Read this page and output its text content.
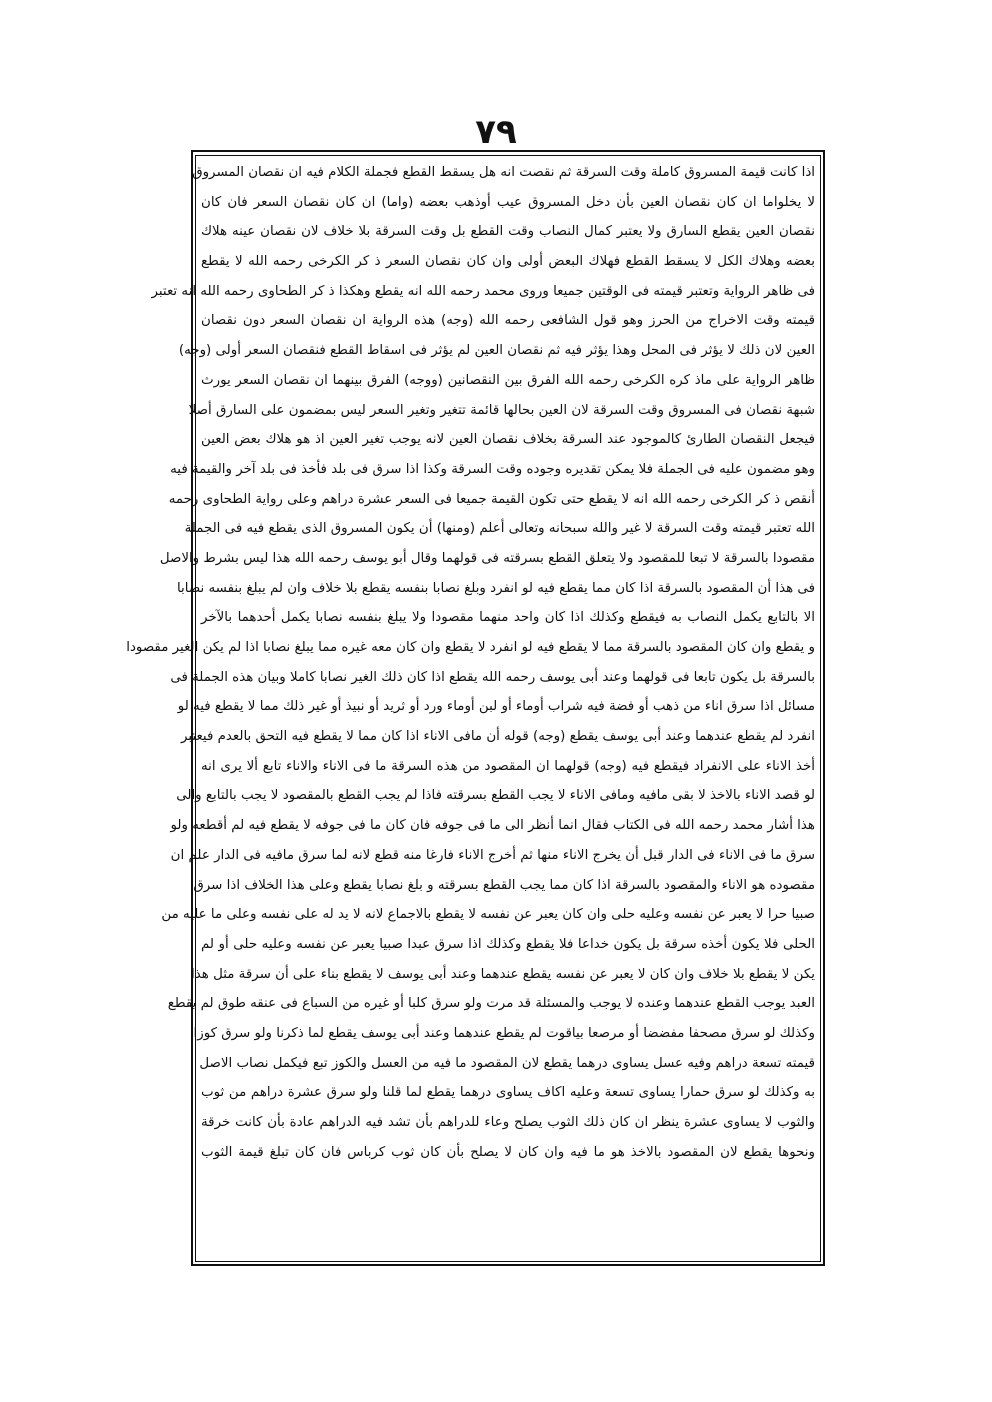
٧٩
اذا كانت قيمة المسروق كاملة وقت السرقة ثم نقصت انه هل يسقط القطع فجملة الكلام فيه ان نقصان المسروق
لا يخلواما ان كان نقصان العين بأن دخل المسروق عيب أوذهب بعضه (واما) ان كان نقصان السعر فان كان
نقصان العين يقطع السارق ولا يعتبر كمال النصاب وقت القطع بل وقت السرقة بلا خلاف لان نقصان عينه هلاك
بعضه وهلاك الكل لا يسقط القطع فهلاك البعض أولى وان كان نقصان السعر ذ كر الكرخى رحمه الله لا يقطع
فى ظاهر الرواية وتعتبر قيمته فى الوقتين جميعا وروى محمد رحمه الله انه يقطع وهكذا ذ كر الطحاوى رحمه الله انه تعتبر
قيمته وقت الاخراج من الحرز وهو قول الشافعى رحمه الله (وجه) هذه الرواية ان نقصان السعر دون نقصان
العين لان ذلك لا يؤثر فى المحل وهذا يؤثر فيه ثم نقصان العين لم يؤثر فى اسقاط القطع فنقصان السعر أولى (وجه)
ظاهر الرواية على ماذ كره الكرخى رحمه الله الفرق بين النقصانين (ووجه) الفرق بينهما ان نقصان السعر يورث
شبهة نقصان فى المسروق وقت السرقة لان العين بحالها قائمة تتغير وتغير السعر ليس بمضمون على السارق أصلا
فيجعل النقصان الطارئ كالموجود عند السرقة بخلاف نقصان العين لانه يوجب تغير العين اذ هو هلاك بعض العين
وهو مضمون عليه فى الجملة فلا يمكن تقديره وجوده وقت السرقة وكذا اذا سرق فى بلد فأخذ فى بلد آخر والقيمة فيه
أنقص ذ كر الكرخى رحمه الله انه لا يقطع حتى تكون القيمة جميعا فى السعر عشرة دراهم وعلى رواية الطحاوى رحمه
الله تعتبر قيمته وقت السرقة لا غير والله سبحانه وتعالى أعلم (ومنها) أن يكون المسروق الذى يقطع فيه فى الجملة
مقصودا بالسرقة لا تبعا للمقصود ولا يتعلق القطع بسرقته فى قولهما وقال أبو يوسف رحمه الله هذا ليس بشرط والاصل
فى هذا أن المقصود بالسرقة اذا كان مما يقطع فيه لو انفرد وبلغ نصابا بنفسه يقطع بلا خلاف وان لم يبلغ بنفسه نصابا
الا بالتابع يكمل النصاب به فيقطع وكذلك اذا كان واحد منهما مقصودا ولا يبلغ بنفسه نصابا يكمل أحدهما بالآخر
و يقطع وان كان المقصود بالسرقة مما لا يقطع فيه لو انفرد لا يقطع وان كان معه غيره مما يبلغ نصابا اذا لم يكن الغير مقصودا
بالسرقة بل يكون تابعا فى قولهما وعند أبى يوسف رحمه الله يقطع اذا كان ذلك الغير نصابا كاملا وبيان هذه الجملة فى
مسائل اذا سرق اناء من ذهب أو فضة فيه شراب أوماء أو لبن أوماء ورد أو ثريد أو نبيذ أو غير ذلك مما لا يقطع فيه لو
انفرد لم يقطع عندهما وعند أبى يوسف يقطع (وجه) قوله أن مافى الاناء اذا كان مما لا يقطع فيه التحق بالعدم فيعتبر
أخذ الاناء على الانفراد فيقطع فيه (وجه) قولهما ان المقصود من هذه السرقة ما فى الاناء والاناء تابع ألا يرى انه
لو قصد الاناء بالاخذ لا بقى مافيه ومافى الاناء لا يجب القطع بسرقته فاذا لم يجب القطع بالمقصود لا يجب بالتابع والى
هذا أشار محمد رحمه الله فى الكتاب فقال انما أنظر الى ما فى جوفه فان كان ما فى جوفه لا يقطع فيه لم أقطعه ولو
سرق ما فى الاناء فى الدار قبل أن يخرج الاناء منها ثم أخرج الاناء فارغا منه قطع لانه لما سرق مافيه فى الدار علم ان
مقصوده هو الاناء والمقصود بالسرقة اذا كان مما يجب القطع بسرقته و بلغ نصابا يقطع وعلى هذا الخلاف اذا سرق
صبيا حرا لا يعبر عن نفسه وعليه حلى وان كان يعبر عن نفسه لا يقطع بالاجماع لانه لا يد له على نفسه وعلى ما عليه من
الحلى فلا يكون أخذه سرقة بل يكون خداعا فلا يقطع وكذلك اذا سرق عبدا صبيا يعبر عن نفسه وعليه حلى أو لم
يكن لا يقطع بلا خلاف وان كان لا يعبر عن نفسه يقطع عندهما وعند أبى يوسف لا يقطع بناء على أن سرقة مثل هذا
العبد يوجب القطع عندهما وعنده لا يوجب والمسئلة قد مرت ولو سرق كلبا أو غيره من السباع فى عنقه طوق لم يقطع
وكذلك لو سرق مصحفا مفضضا أو مرصعا بياقوت لم يقطع عندهما وعند أبى يوسف يقطع لما ذكرنا ولو سرق كوزا
قيمته تسعة دراهم وفيه عسل يساوى درهما يقطع لان المقصود ما فيه من العسل والكوز تبع فيكمل نصاب الاصل
به وكذلك لو سرق حمارا يساوى تسعة وعليه اكاف يساوى درهما يقطع لما قلنا ولو سرق عشرة دراهم من ثوب
والثوب لا يساوى عشرة ينظر ان كان ذلك الثوب يصلح وعاء للدراهم بأن تشد فيه الدراهم عادة بأن كانت خرقة
ونحوها يقطع لان المقصود بالاخذ هو ما فيه وان كان لا يصلح بأن كان ثوب كرباس فان كان تبلغ قيمة الثوب
